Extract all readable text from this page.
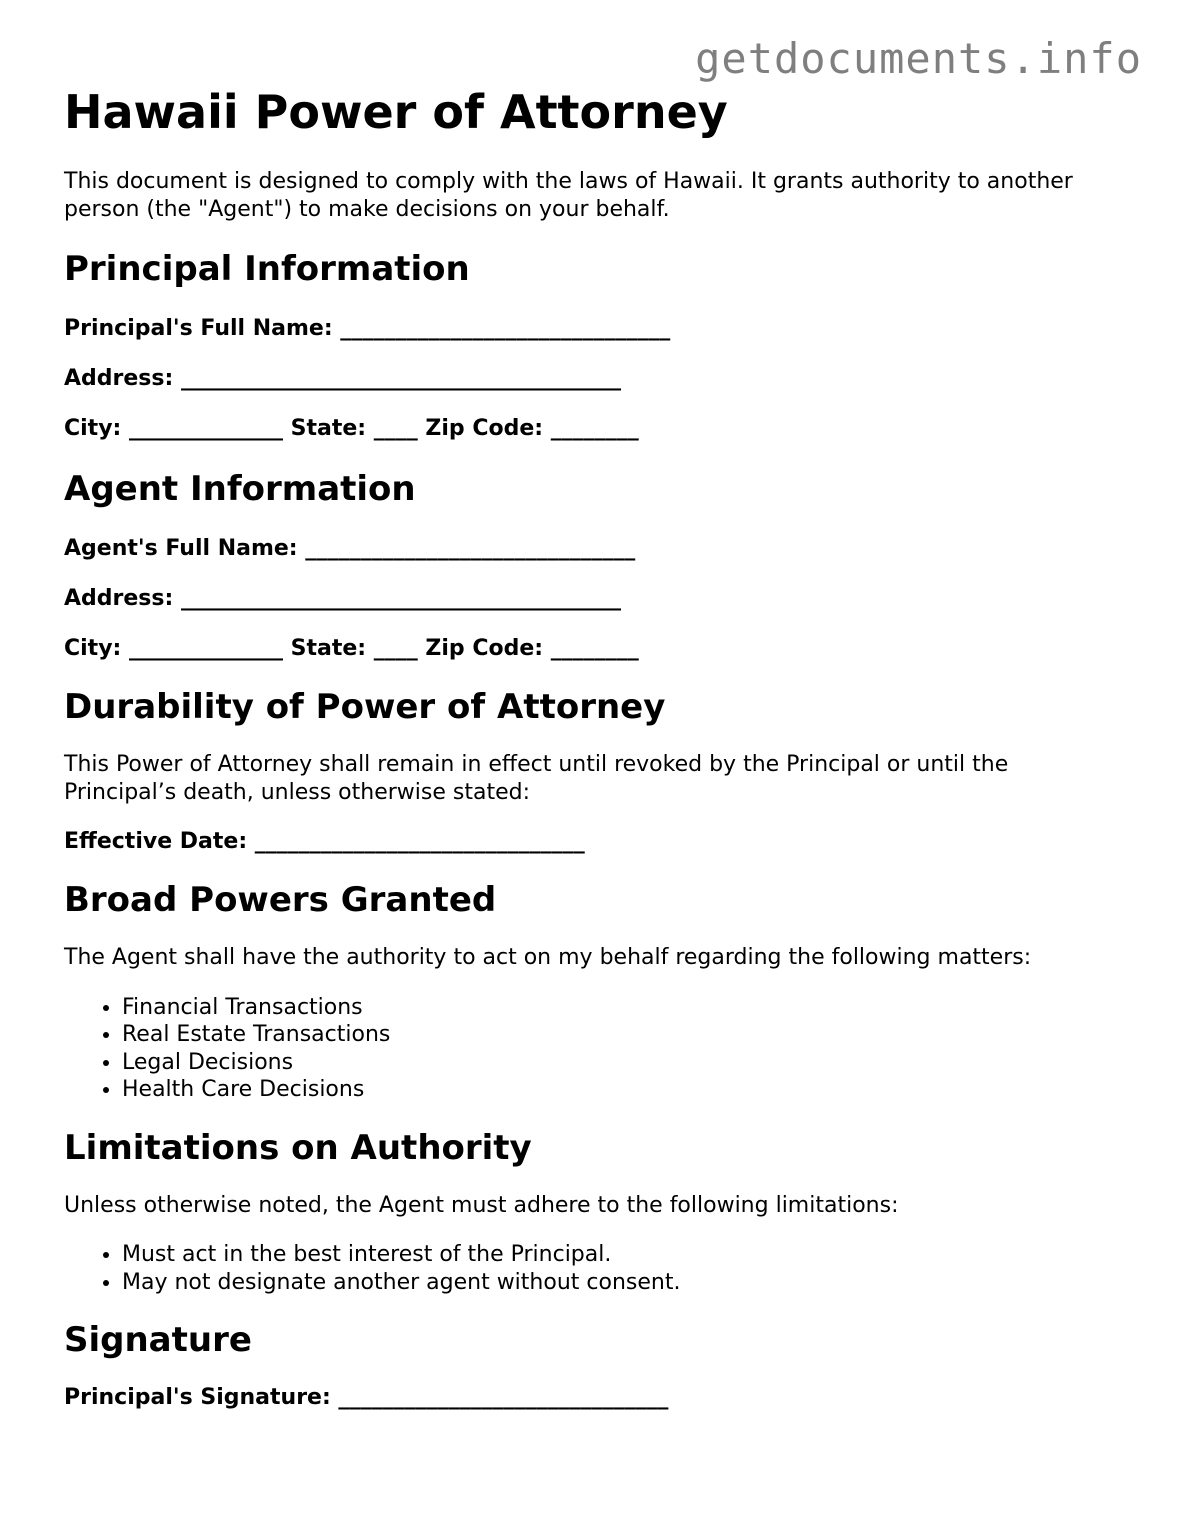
getdocuments.info
Hawaii Power of Attorney

This document is designed to comply with the laws of Hawaii. It grants authority to another person (the "Agent") to make decisions on your behalf.

Principal Information
Principal's Full Name: ______________________________
Address: ________________________________________
City: ______________ State: ____ Zip Code: ________
Agent Information
Agent's Full Name: ______________________________
Address: ________________________________________
City: ______________ State: ____ Zip Code: ________
Durability of Power of Attorney

This Power of Attorney shall remain in effect until revoked by the Principal or until the Principal’s death, unless otherwise stated:

Effective Date: ______________________________
Broad Powers Granted

The Agent shall have the authority to act on my behalf regarding the following matters:

• Financial Transactions
• Real Estate Transactions
• Legal Decisions
• Health Care Decisions
Limitations on Authority

Unless otherwise noted, the Agent must adhere to the following limitations:

• Must act in the best interest of the Principal.
• May not designate another agent without consent.
Signature
Principal's Signature: ______________________________
